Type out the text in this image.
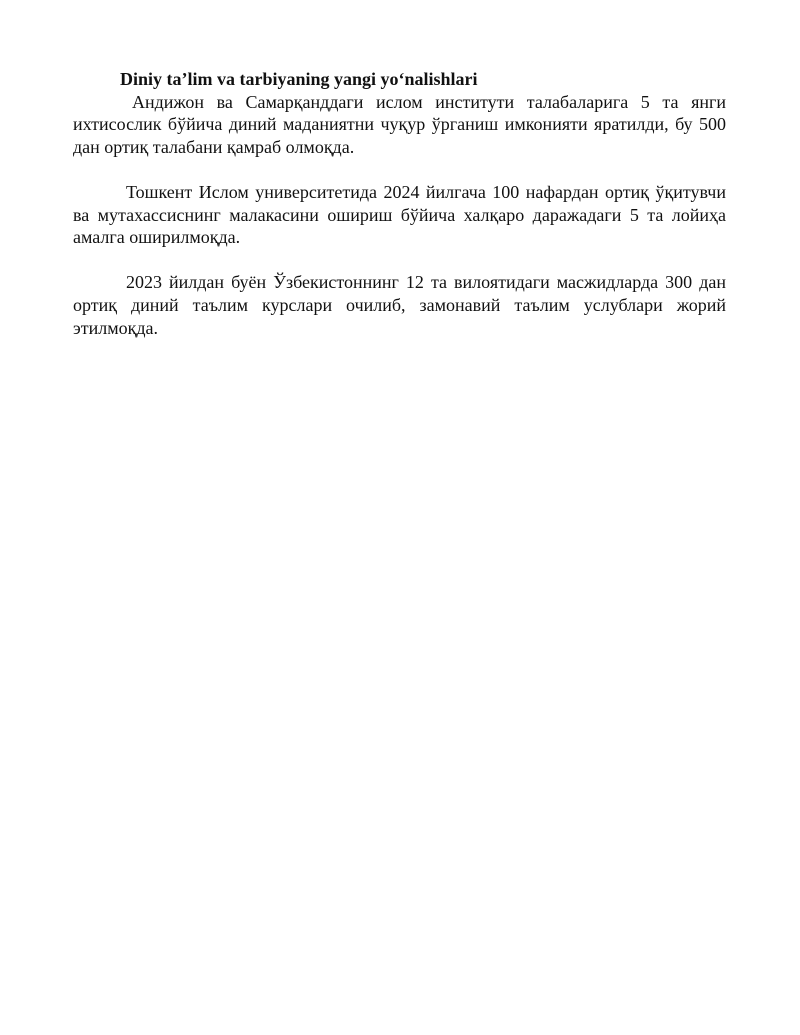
Diniy ta’lim va tarbiyaning yangi yo‘nalishlari

Андижон ва Самарқанддаги ислом институти талабаларига 5 та янги ихтисослик бўйича диний маданиятни чуқур ўрганиш имконияти яратилди, бу 500 дан ортиқ талабани қамраб олмоқда.

Тошкент Ислом университетида 2024 йилгача 100 нафардан ортиқ ўқитувчи ва мутахассиснинг малакасини ошириш бўйича халқаро даражадаги 5 та лойиҳа амалга оширилмоқда.

2023 йилдан буён Ўзбекистоннинг 12 та вилоятидаги масжидларда 300 дан ортиқ диний таълим курслари очилиб, замонавий таълим услублари жорий этилмоқда.
